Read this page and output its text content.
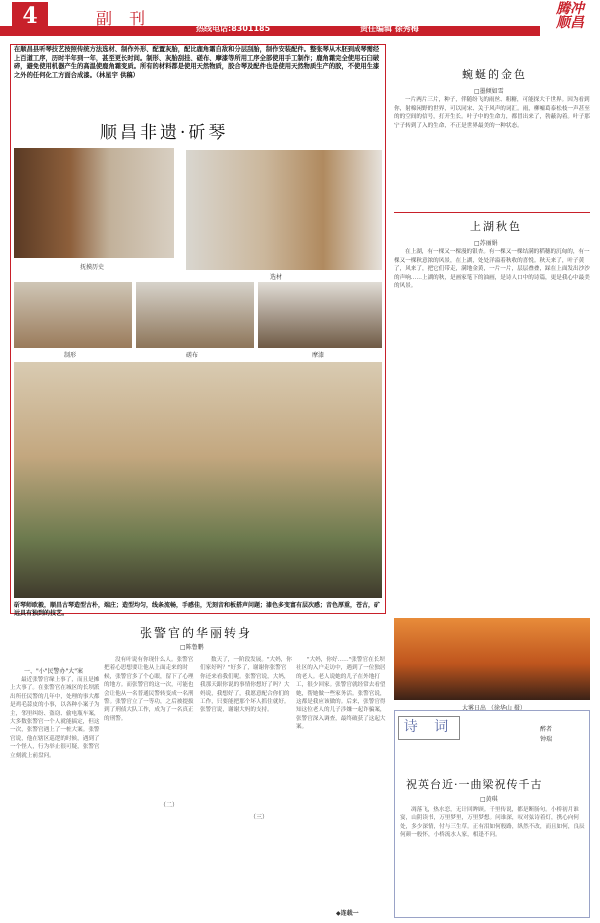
4	副 刊
热线电话:8301185	责任编辑 徐秀梅
腾冲
顺昌
在顺昌县听琴技艺按照传统方法选材、制作外形、配置灰胎，配比鹿角霜自敌和分层刮胎，制作安装配件。整张琴从木胚到成琴需经上百道工序，历时半年到一年，甚至更长时间。制形、灰胎刮挂、磋布、摩漆等所用工序全部使用手工制作；鹿角霜完全使用石臼破碎，避免使用机器产生的高温使鹿角霜变质。所有的材料都是使用天然物质，胶合琴及配件也是使用天然物质生产的胶，不使用生漆之外的任何化工方面合成漆。（林星宇 供稿）
顺昌非遗·斫琴
抚摸历史
选材
制形	磋布	摩漆
斫琴师欧毅，顺昌古琴造型古朴，端庄；造型均匀，线条流畅，手感佳，无刻音和板搭声问题；漆色多变富有层次感；音色厚重，苍古，矿远具有独到的技艺。
蜿蜒的金色
□墨倾如雪
一片两片三片，种子，伴随纷飞的雨丝、粗糖，可能探大千世界。因为看到你，射棉闲野的世界，可以同宋、关于风声的词汇。雨，柳嘘葛泰松枝一声甚至的的空间的信号，打开生长。叶子中的生命力，都冒出来了，勃蔽沟着。叶子那宁子转到了入的生命，不正是世界最美的一种状态。
上湖秋色
□苏丽娟
在上湖，有一棵又一棵漫的银杏。有一棵又一棵结满的稻穗的沉甸的，有一棵又一棵秋意浓的风景，在上湖，处处洋溢着秋收的喜悦。秋天来了，叶子黄了，风来了，把它们带走，满地金黄，一片一片，层层叠叠，踩在上面发出沙沙的声响……上湖的秋，是画家笔下的油画，是诗人口中的诗篇，更是我心中最美的风景。
大雾日出 （徐华山 摄）
诗 词	醉者
钟瑞
祝英台近·一曲梁祝传千古
□黄琪
凋落飞，热水恋，无计回眸顾。千里传说，都是断肠句。小桥初月谁宴，山阴读书，万里梦里，万里梦想。问谁深，叹对弦诗着灯，携心向何处，多少深情，付与三生草。正有泪如何般路，纵然不改，而且如何，良辰何颜一般怀，小桥流水人家，相逢不问。
张警官的华丽转身
□陈鲁鹏
一、"小"民警办"大"案
最近张警官缘上事了，而且是摊上大事了。在张警官在城区的长坝派出所任民警的几年中，处理的事大都是鸡毛蒜皮的小事，以各种小案子为主，邻里纠纷、盗窃、偷电瓶车案，大多数张警官一个人就能搞定，但这一次，张警官遇上了一桩大案。张警官说，他在辖区巡逻的时候，遇到了一个怪人，行为举止很可疑，张警官立刻就上前盘问。
（二）
没有叶说有你现什么人。张警官把着心思想要让他从上面走来的时候，张警官多了个心眼，留下了心理的地方。而张警官的这一次，可能也会让他从一名普通民警转变成一名刑警。张警官立了一等功，之后被提拔到了刑侦大队工作，成为了一名真正的刑警。
数天了，一阶段发展。"大妈，你们家好吗？"好多了，谢谢你张警官你还来看我们呢。张警官说，大妈，我那天跟你说的事情你想好了吗？大妈说，我想好了，我愿意配合你们的工作，只要能把那个坏人抓住就好。张警官说，谢谢大妈的支持。
（三）
"大妈，你好……"张警官在长坝社区的入户走访中，遇到了一位独居的老人。老人说她的儿子在外地打工，很少回家。张警官就经常去看望她，帮她做一些家务活。张警官说，这都是我应该做的。后来，张警官得知这位老人的儿子涉嫌一起诈骗案，张警官深入调查，最终破获了这起大案。
◆连载一
